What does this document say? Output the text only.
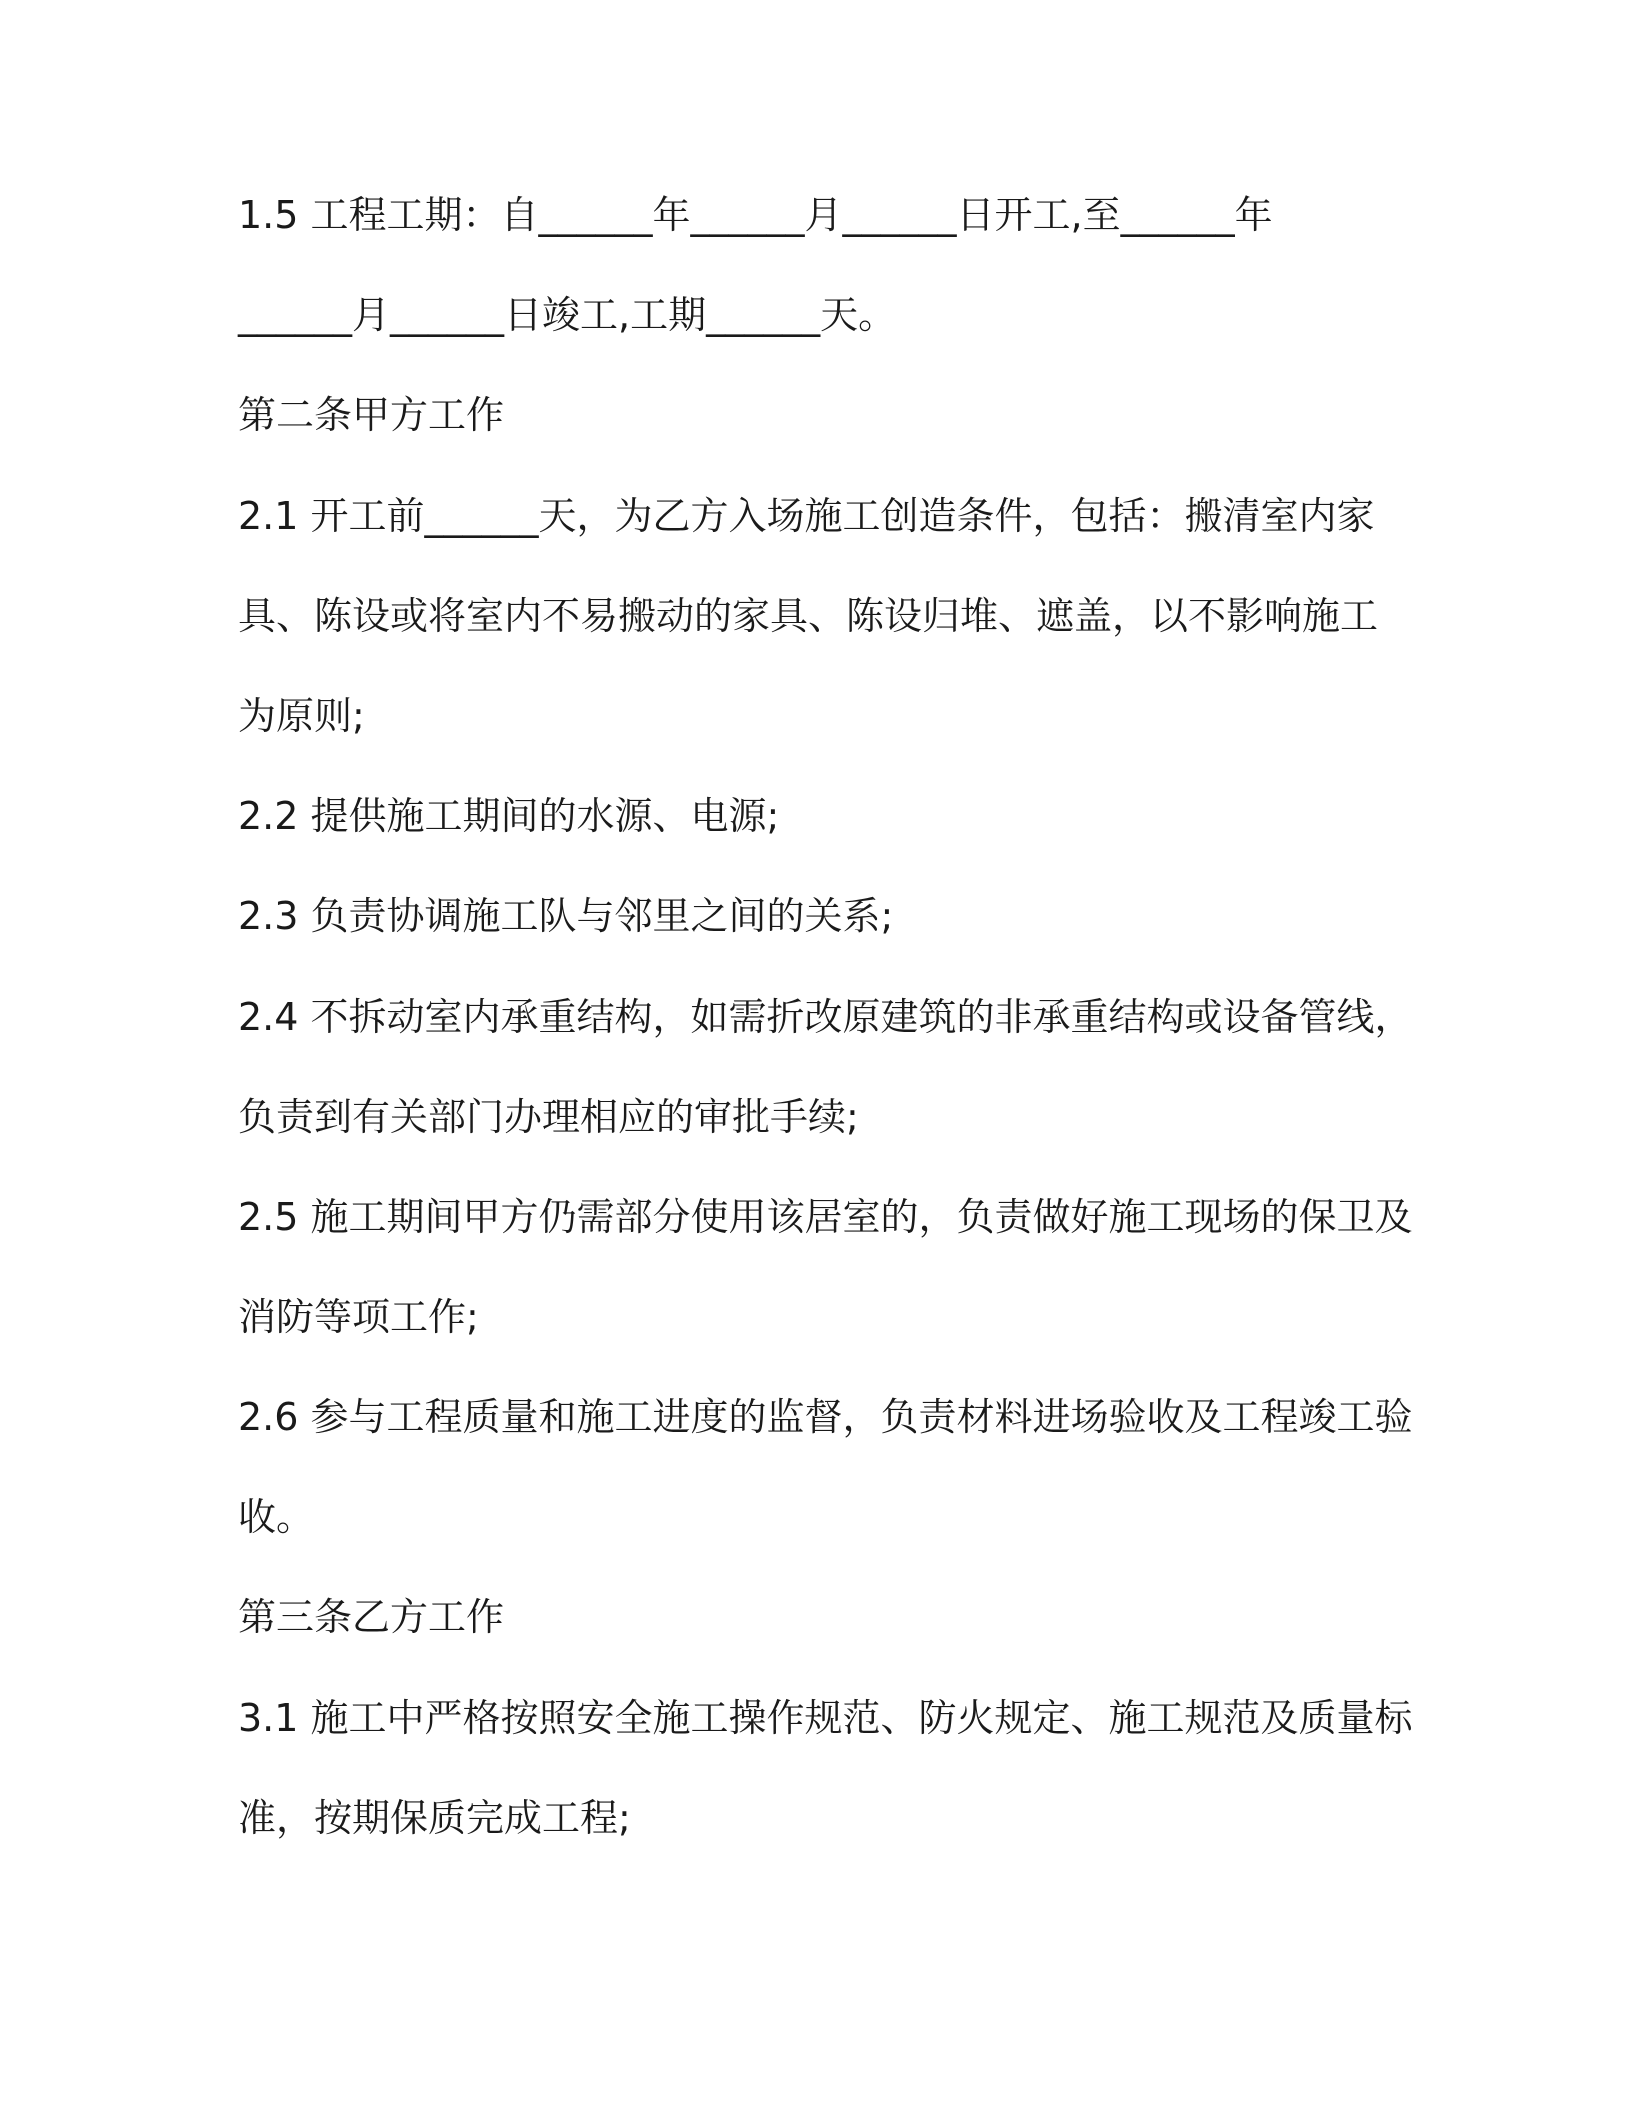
1.5 工程工期：自______年______月______日开工,至______年

______月______日竣工,工期______天。

第二条甲方工作

2.1 开工前______天，为乙方入场施工创造条件，包括：搬清室内家

具、陈设或将室内不易搬动的家具、陈设归堆、遮盖，以不影响施工

为原则;

2.2 提供施工期间的水源、电源;

2.3 负责协调施工队与邻里之间的关系;

2.4 不拆动室内承重结构，如需折改原建筑的非承重结构或设备管线，

负责到有关部门办理相应的审批手续;

2.5 施工期间甲方仍需部分使用该居室的，负责做好施工现场的保卫及

消防等项工作;

2.6 参与工程质量和施工进度的监督，负责材料进场验收及工程竣工验

收。

第三条乙方工作

3.1 施工中严格按照安全施工操作规范、防火规定、施工规范及质量标

准，按期保质完成工程;
